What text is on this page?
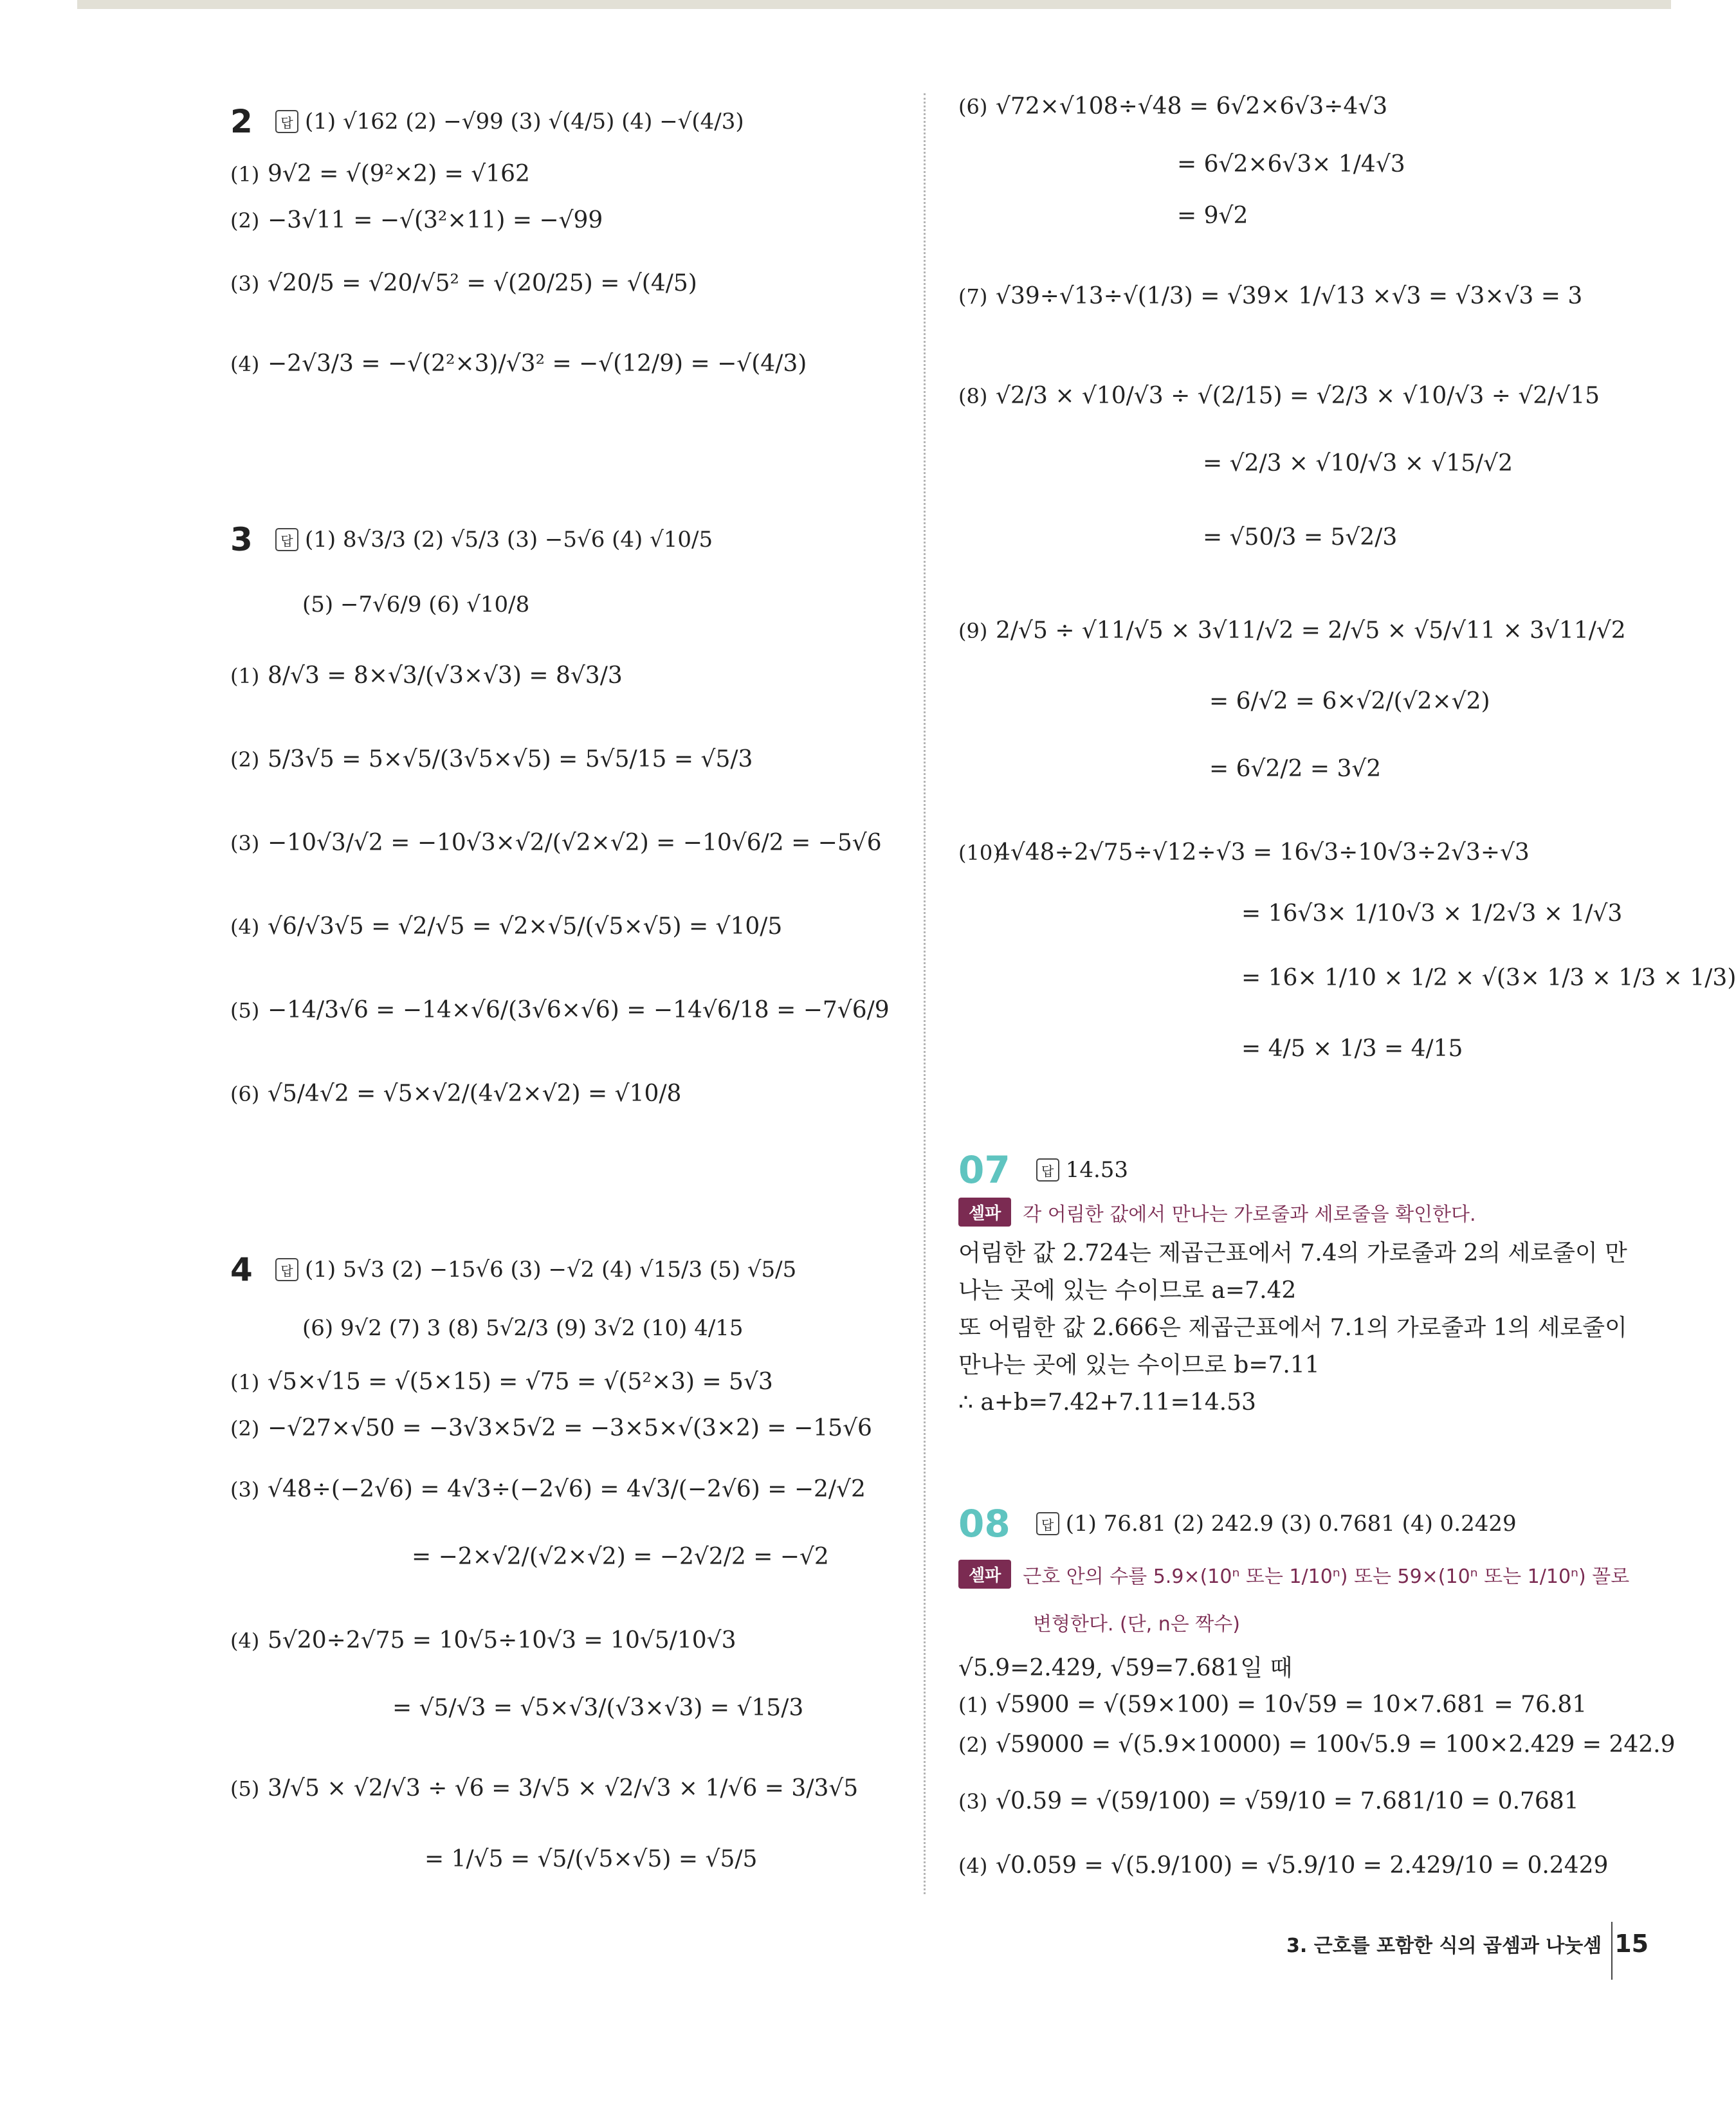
2	답 (1) √162 (2) −√99 (3) √(4/5) (4) −√(4/3)
(1) 9√2 = √(9²×2) = √162
(2) −3√11 = −√(3²×11) = −√99
(3) √20/5 = √20/√5² = √(20/25) = √(4/5)
(4) −2√3/3 = −√(2²×3)/√3² = −√(12/9) = −√(4/3)
3	답 (1) 8√3/3 (2) √5/3 (3) −5√6 (4) √10/5
(5) −7√6/9 (6) √10/8
(1) 8/√3 = 8×√3/(√3×√3) = 8√3/3
(2) 5/3√5 = 5×√5/(3√5×√5) = 5√5/15 = √5/3
(3) −10√3/√2 = −10√3×√2/(√2×√2) = −10√6/2 = −5√6
(4) √6/√3√5 = √2/√5 = √2×√5/(√5×√5) = √10/5
(5) −14/3√6 = −14×√6/(3√6×√6) = −14√6/18 = −7√6/9
(6) √5/4√2 = √5×√2/(4√2×√2) = √10/8
4	답 (1) 5√3 (2) −15√6 (3) −√2 (4) √15/3 (5) √5/5
(6) 9√2 (7) 3 (8) 5√2/3 (9) 3√2 (10) 4/15
(1) √5×√15 = √(5×15) = √75 = √(5²×3) = 5√3
(2) −√27×√50 = −3√3×5√2 = −3×5×√(3×2) = −15√6
(3) √48÷(−2√6) = 4√3÷(−2√6) = 4√3/(−2√6) = −2/√2
= −2×√2/(√2×√2) = −2√2/2 = −√2
(4) 5√20÷2√75 = 10√5÷10√3 = 10√5/10√3
= √5/√3 = √5×√3/(√3×√3) = √15/3
(5) 3/√5 × √2/√3 ÷ √6 = 3/√5 × √2/√3 × 1/√6 = 3/3√5
= 1/√5 = √5/(√5×√5) = √5/5
(6) √72×√108÷√48 = 6√2×6√3÷4√3
= 6√2×6√3× 1/4√3
= 9√2
(7) √39÷√13÷√(1/3) = √39× 1/√13 ×√3 = √3×√3 = 3
(8) √2/3 × √10/√3 ÷ √(2/15) = √2/3 × √10/√3 ÷ √2/√15
= √2/3 × √10/√3 × √15/√2
= √50/3 = 5√2/3
(9) 2/√5 ÷ √11/√5 × 3√11/√2 = 2/√5 × √5/√11 × 3√11/√2
= 6/√2 = 6×√2/(√2×√2)
= 6√2/2 = 3√2
(10)
4√48÷2√75÷√12÷√3 = 16√3÷10√3÷2√3÷√3
= 16√3× 1/10√3 × 1/2√3 × 1/√3
= 16× 1/10 × 1/2 × √(3× 1/3 × 1/3 × 1/3)
= 4/5 × 1/3 = 4/15
07	답 14.53
셀파	각 어림한 값에서 만나는 가로줄과 세로줄을 확인한다.
어림한 값 2.724는 제곱근표에서 7.4의 가로줄과 2의 세로줄이 만
나는 곳에 있는 수이므로 a=7.42
또 어림한 값 2.666은 제곱근표에서 7.1의 가로줄과 1의 세로줄이
만나는 곳에 있는 수이므로 b=7.11
∴ a+b=7.42+7.11=14.53
08	답 (1) 76.81 (2) 242.9 (3) 0.7681 (4) 0.2429
셀파	근호 안의 수를 5.9×(10ⁿ 또는 1/10ⁿ) 또는 59×(10ⁿ 또는 1/10ⁿ) 꼴로
변형한다. (단, n은 짝수)
√5.9=2.429, √59=7.681일 때
(1) √5900 = √(59×100) = 10√59 = 10×7.681 = 76.81
(2) √59000 = √(5.9×10000) = 100√5.9 = 100×2.429 = 242.9
(3) √0.59 = √(59/100) = √59/10 = 7.681/10 = 0.7681
(4) √0.059 = √(5.9/100) = √5.9/10 = 2.429/10 = 0.2429
3. 근호를 포함한 식의 곱셈과 나눗셈 15
